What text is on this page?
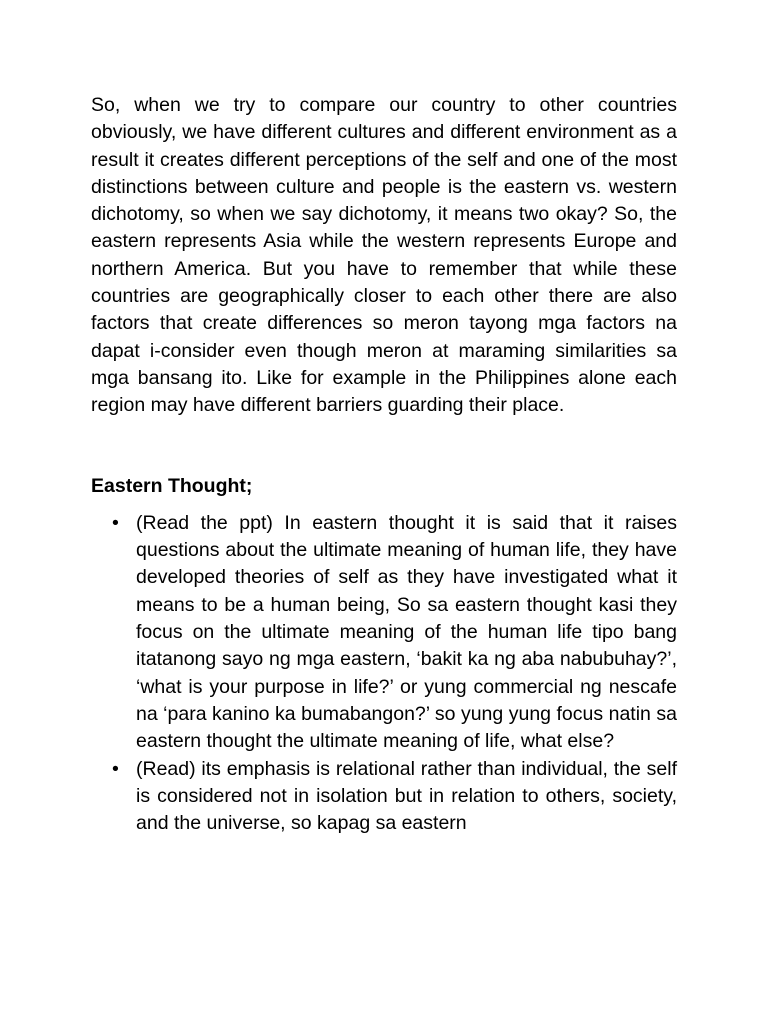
So, when we try to compare our country to other countries obviously, we have different cultures and different environment as a result it creates different perceptions of the self and one of the most distinctions between culture and people is the eastern vs. western dichotomy, so when we say dichotomy, it means two okay? So, the eastern represents Asia while the western represents Europe and northern America. But you have to remember that while these countries are geographically closer to each other there are also factors that create differences so meron tayong mga factors na dapat i-consider even though meron at maraming similarities sa mga bansang ito. Like for example in the Philippines alone each region may have different barriers guarding their place.

Eastern Thought;
• (Read the ppt) In eastern thought it is said that it raises questions about the ultimate meaning of human life, they have developed theories of self as they have investigated what it means to be a human being, So sa eastern thought kasi they focus on the ultimate meaning of the human life tipo bang itatanong sayo ng mga eastern, ‘bakit ka ng aba nabubuhay?’, ‘what is your purpose in life?’ or yung commercial ng nescafe na ‘para kanino ka bumabangon?’ so yung yung focus natin sa eastern thought the ultimate meaning of life, what else?
• (Read) its emphasis is relational rather than individual, the self is considered not in isolation but in relation to others, society, and the universe, so kapag sa eastern
